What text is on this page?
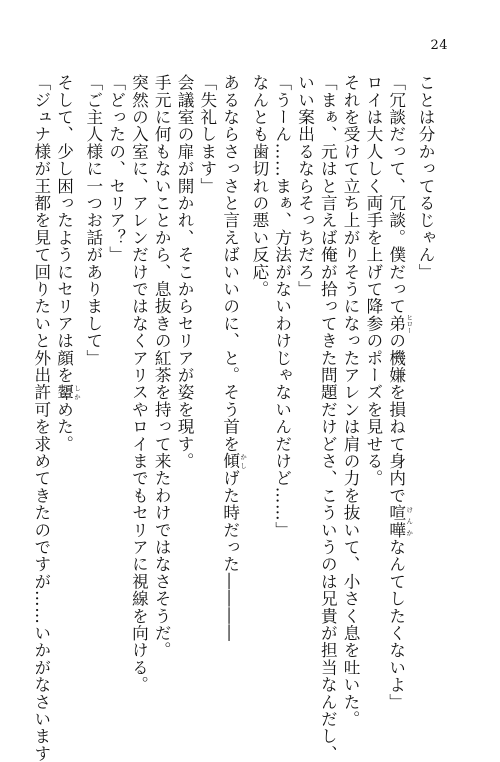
24
ことは分かってるじゃん」
「冗談だって、冗談。僕だって弟 ヒローの機嫌を損ねて身内で喧嘩 けんかなんてしたくないよ」
ロイは大人しく両手を上げて降参のポーズを見せる。
それを受けて立ち上がりそうになったアレンは肩の力を抜いて、小さく息を吐いた。
「まぁ、元はと言えば俺が拾ってきた問題だけどさ、こういうのは兄貴が担当なんだし、
いい案出るならそっちだろ」
「うーん……まぁ、方法がないわけじゃないんだけど……」
なんとも歯切れの悪い反応。
あるならさっさと言えばいいのに、と。そう首を傾 かしげた時だった――――
「失礼します」
会議室の扉が開かれ、そこからセリアが姿を現す。
手元に何もないことから、息抜きの紅茶を持って来たわけではなさそうだ。
突然の入室に、アレンだけではなくアリスやロイまでもセリアに視線を向ける。
「どったの、セリア？」
「ご主人様に一つお話がありまして」
そして、少し困ったようにセリアは顔を顰 しかめた。
「ジュナ様が王都を見て回りたいと外出許可を求めてきたのですが……いかがなさいます
